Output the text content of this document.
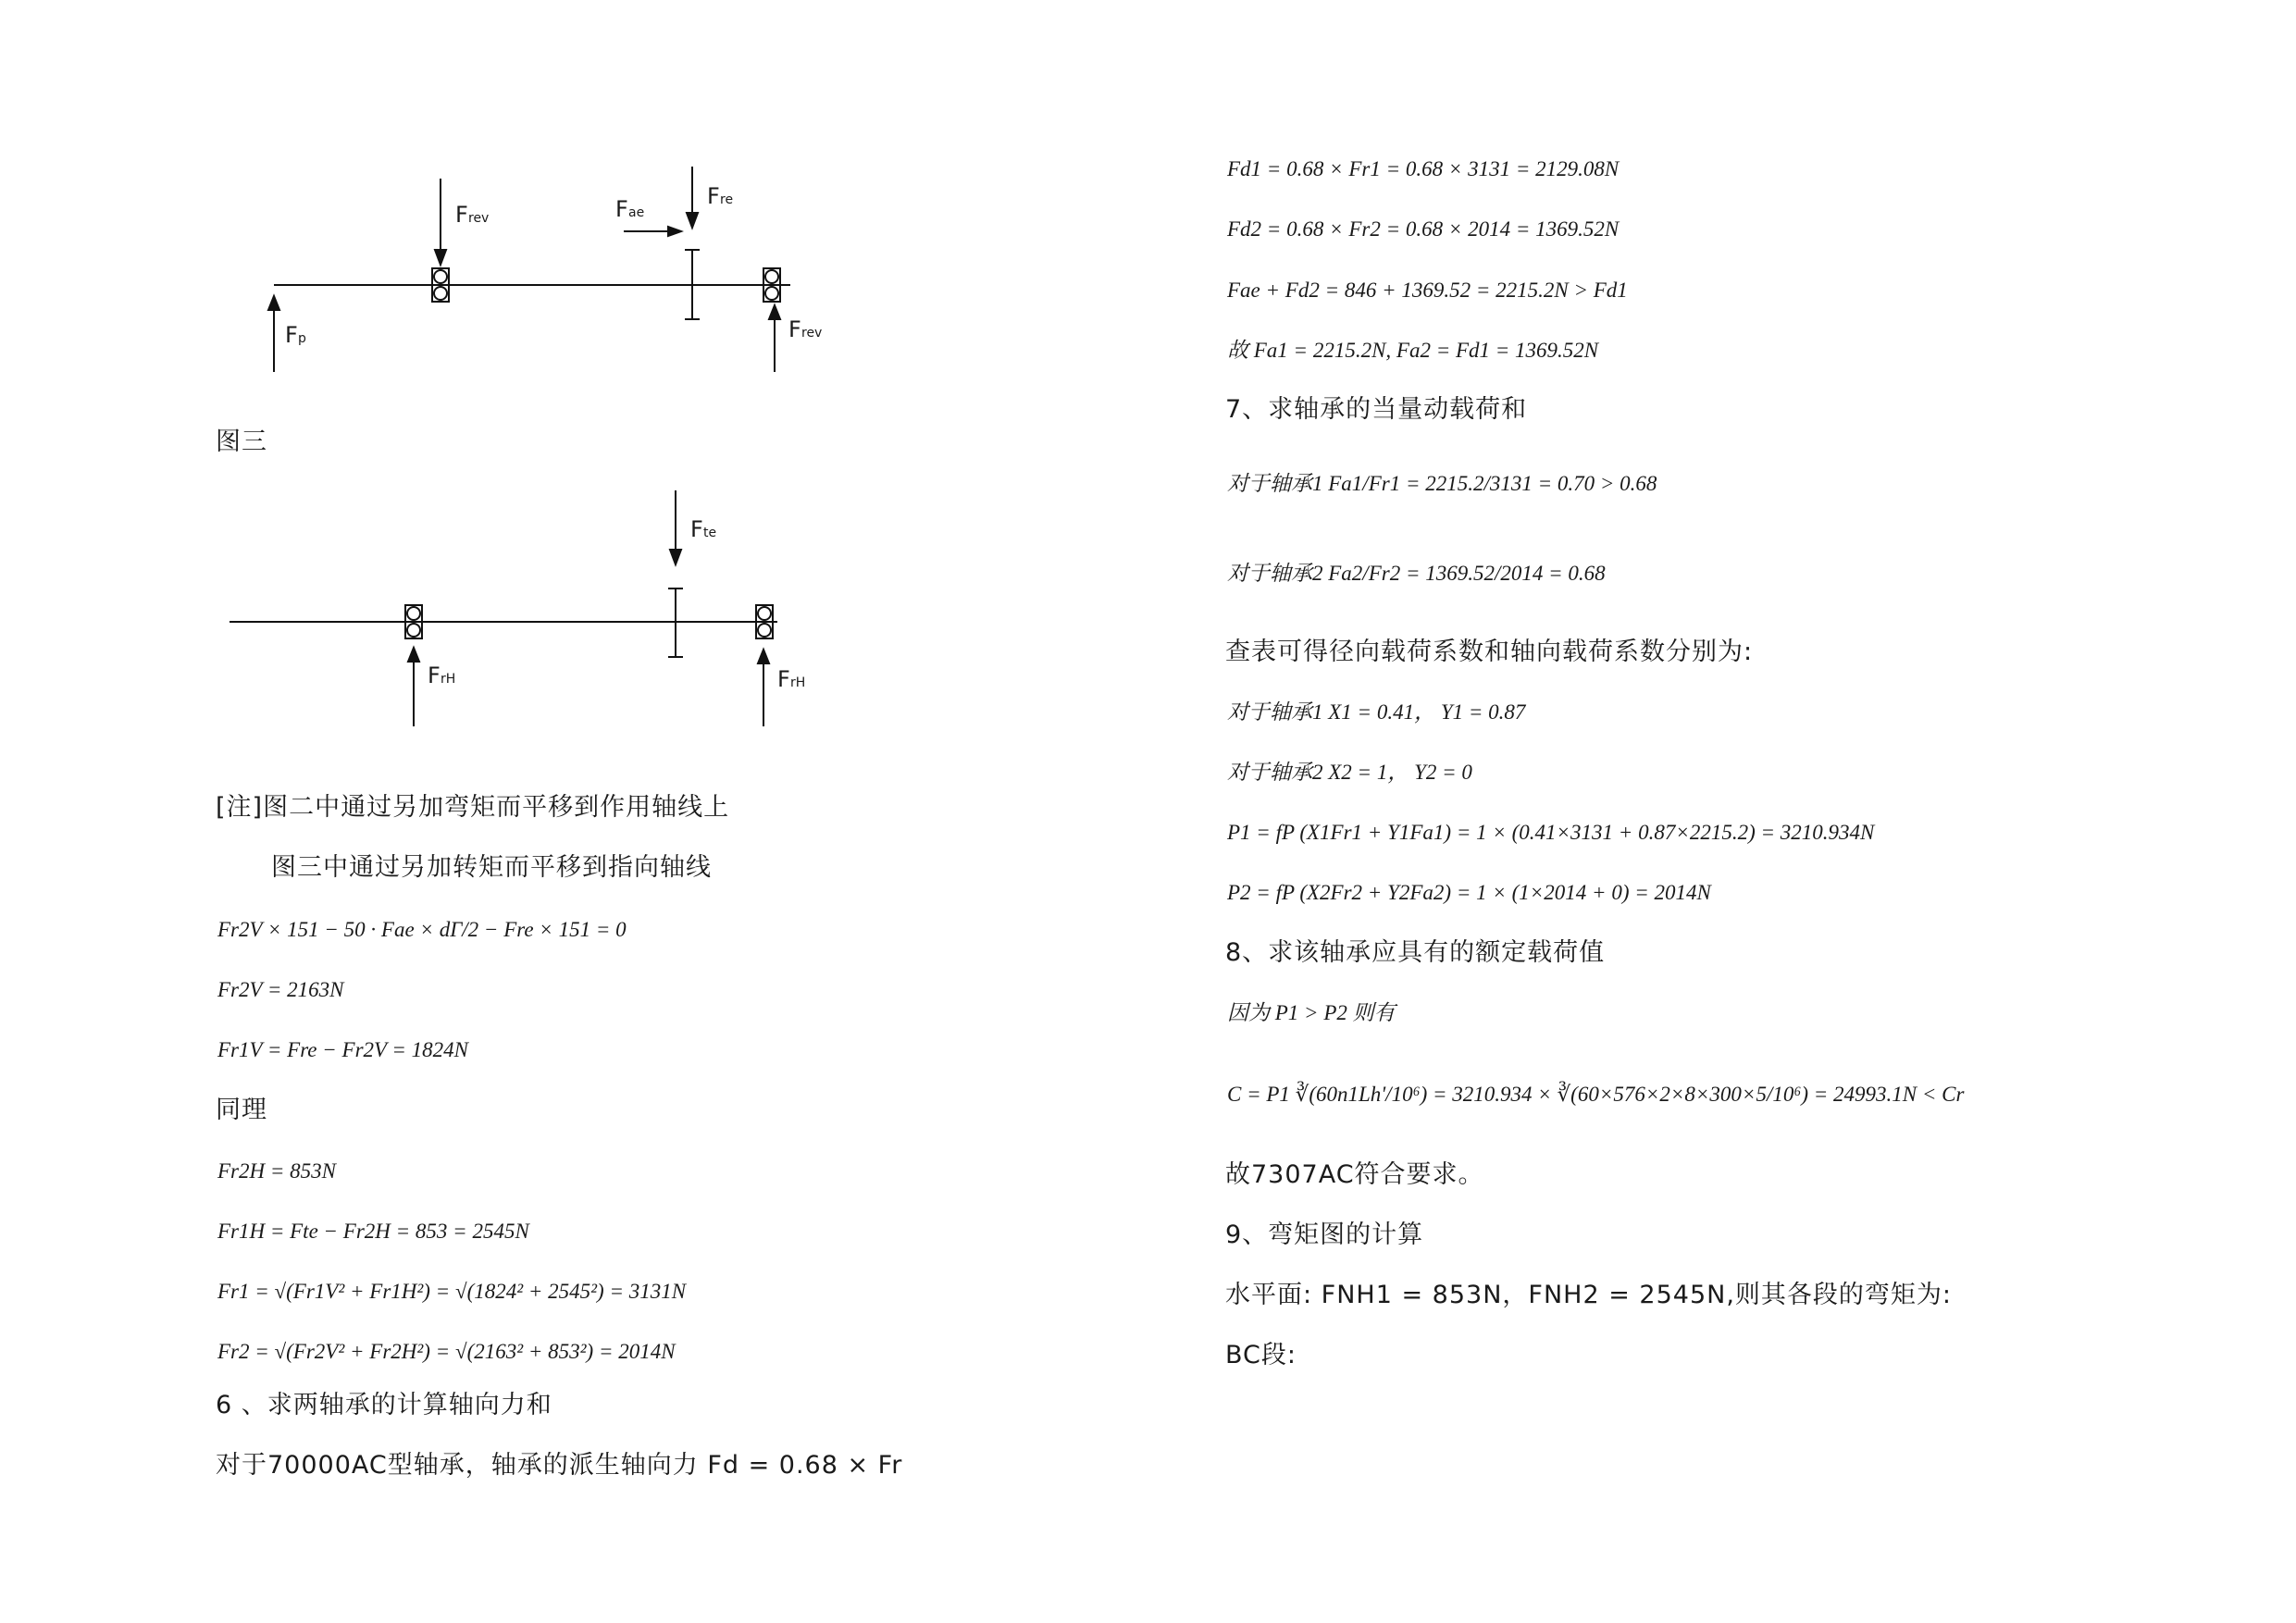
F rev	F ae
F re
F p	F rev
图三
F te
F rH	F rH
[注]图二中通过另加弯矩而平移到作用轴线上
图三中通过另加转矩而平移到指向轴线
Fr2V × 151 − 50 · Fae × dΓ/2 − Fre × 151 = 0
Fr2V = 2163N
Fr1V = Fre − Fr2V = 1824N
同理
Fr2H = 853N
Fr1H = Fte − Fr2H = 853 = 2545N
Fr1 = √(Fr1V² + Fr1H²) = √(1824² + 2545²) = 3131N
Fr2 = √(Fr2V² + Fr2H²) = √(2163² + 853²) = 2014N
6 、求两轴承的计算轴向力和
对于70000AC型轴承，轴承的派生轴向力 Fd = 0.68 × Fr
Fd1 = 0.68 × Fr1 = 0.68 × 3131 = 2129.08N
Fd2 = 0.68 × Fr2 = 0.68 × 2014 = 1369.52N
Fae + Fd2 = 846 + 1369.52 = 2215.2N > Fd1
故 Fa1 = 2215.2N, Fa2 = Fd1 = 1369.52N
7、求轴承的当量动载荷和
对于轴承1 Fa1/Fr1 = 2215.2/3131 = 0.70 > 0.68
对于轴承2 Fa2/Fr2 = 1369.52/2014 = 0.68
查表可得径向载荷系数和轴向载荷系数分别为:
对于轴承1 X1 = 0.41， Y1 = 0.87
对于轴承2 X2 = 1， Y2 = 0
P1 = fP (X1Fr1 + Y1Fa1) = 1 × (0.41×3131 + 0.87×2215.2) = 3210.934N
P2 = fP (X2Fr2 + Y2Fa2) = 1 × (1×2014 + 0) = 2014N
8、求该轴承应具有的额定载荷值
因为 P1 > P2 则有
C = P1 ∛(60n1Lh'/10⁶) = 3210.934 × ∛(60×576×2×8×300×5/10⁶) = 24993.1N < Cr
故7307AC符合要求。
9、弯矩图的计算
水平面: FNH1 = 853N，FNH2 = 2545N,则其各段的弯矩为:
BC段:
